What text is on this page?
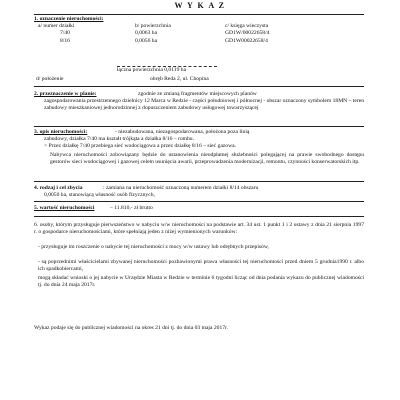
W Y K A Z
1. oznaczenie nieruchomości:
a/ numer działki	b/ powierzchnia	c/ księga wieczysta
7/40	0,0063 ha	GD1W/00022658/4
8/16	0,0056 ha	GD1W00022658/4
łączna powierzchnia 0,0119 ha
d/ położenie	obręb Reda 2, ul. Chopina
2. przeznaczenie w planie:	zgodnie ze zmianą fragmentów miejscowych planów
zagospodarowania przestrzennego dzielnicy 12 Marca w Redzie - części południowej i północnej - obszar oznaczony symbolem 18MN – teren zabudowy mieszkaniowej jednorodzinnej z dopuszczeniem zabudowy usługowej towarzyszącej
3. opis nieruchomości:	- niezabudowana, niezagospodarowana, położona poza linią
zabudowy, działka 7/40 ma kształt trójkąta a działka 8/16 – rombu.
> Przez działkę 7/40 przebiega sieć wodociągowa a przez działkę 8/16 – sieć gazowa.
Nabywca nieruchomości zobowiązany będzie do ustanowienia nieodpłatnej służebności polegającej na prawie swobodnego dostępu gestorów sieci wodociągowej i gazowej celem usunięcia awarii, przeprowadzenia modernizacji, remontu, czynności konserwatorskich itp.
4. rodzaj i cel zbycia	: zamiana na nieruchomość oznaczoną numerem działki 8/14 obszaru
0,0050 ha, stanowiącą własność osób fizycznych,
5. wartość nieruchomości	– 11.810,- zł brutto
6. osoby, którym przysługuje pierwszeństwo w nabyciu w/w nieruchomości na podstawie art. 34 ust. 1 punkt 1 i 2 ustawy z dnia 21 sierpnia 1997 r. o gospodarce nieruchomościami, które spełniają jeden z niżej wymienionych warunków:
- przysługuje im roszczenie o nabycie tej nieruchomości z mocy w/w ustawy lub odrębnych przepisów,
- są poprzednimi właścicielami zbywanej nieruchomości pozbawionymi prawa własności tej nieruchomości przed dniem 5 grudnia1990 r. albo ich spadkobiercami,
mogą składać wnioski o jej nabycie w Urzędzie Miasta w Redzie w terminie 6 tygodni licząc od dnia podania wykazu do publicznej wiadomości tj. do dnia 24 maja 2017r.
Wykaz podaje się do publicznej wiadomości na okres 21 dni tj. do dnia 03 maja 2017r.
